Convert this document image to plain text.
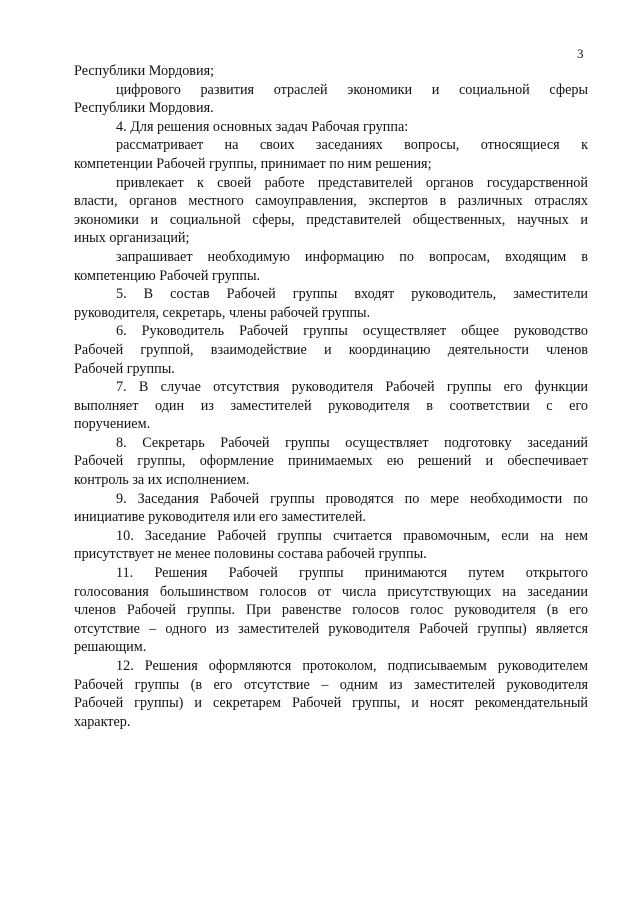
3
Республики Мордовия;
цифрового развития отраслей экономики и социальной сферы
Республики Мордовия.
4. Для решения основных задач Рабочая группа:
рассматривает на своих заседаниях вопросы, относящиеся к
компетенции Рабочей группы, принимает по ним решения;
привлекает к своей работе представителей органов государственной
власти, органов местного самоуправления, экспертов в различных отраслях
экономики и социальной сферы, представителей общественных, научных и
иных организаций;
запрашивает необходимую информацию по вопросам, входящим в
компетенцию Рабочей группы.
5. В состав Рабочей группы входят руководитель, заместители
руководителя, секретарь, члены рабочей группы.
6. Руководитель Рабочей группы осуществляет общее руководство
Рабочей группой, взаимодействие и координацию деятельности членов
Рабочей группы.
7. В случае отсутствия руководителя Рабочей группы его функции
выполняет один из заместителей руководителя в соответствии с его
поручением.
8. Секретарь Рабочей группы осуществляет подготовку заседаний
Рабочей группы, оформление принимаемых ею решений и обеспечивает
контроль за их исполнением.
9. Заседания Рабочей группы проводятся по мере необходимости по
инициативе руководителя или его заместителей.
10. Заседание Рабочей группы считается правомочным, если на нем
присутствует не менее половины состава рабочей группы.
11. Решения Рабочей группы принимаются путем открытого
голосования большинством голосов от числа присутствующих на заседании
членов Рабочей группы. При равенстве голосов голос руководителя (в его
отсутствие – одного из заместителей руководителя Рабочей группы) является
решающим.
12. Решения оформляются протоколом, подписываемым руководителем
Рабочей группы (в его отсутствие – одним из заместителей руководителя
Рабочей группы) и секретарем Рабочей группы, и носят рекомендательный
характер.
